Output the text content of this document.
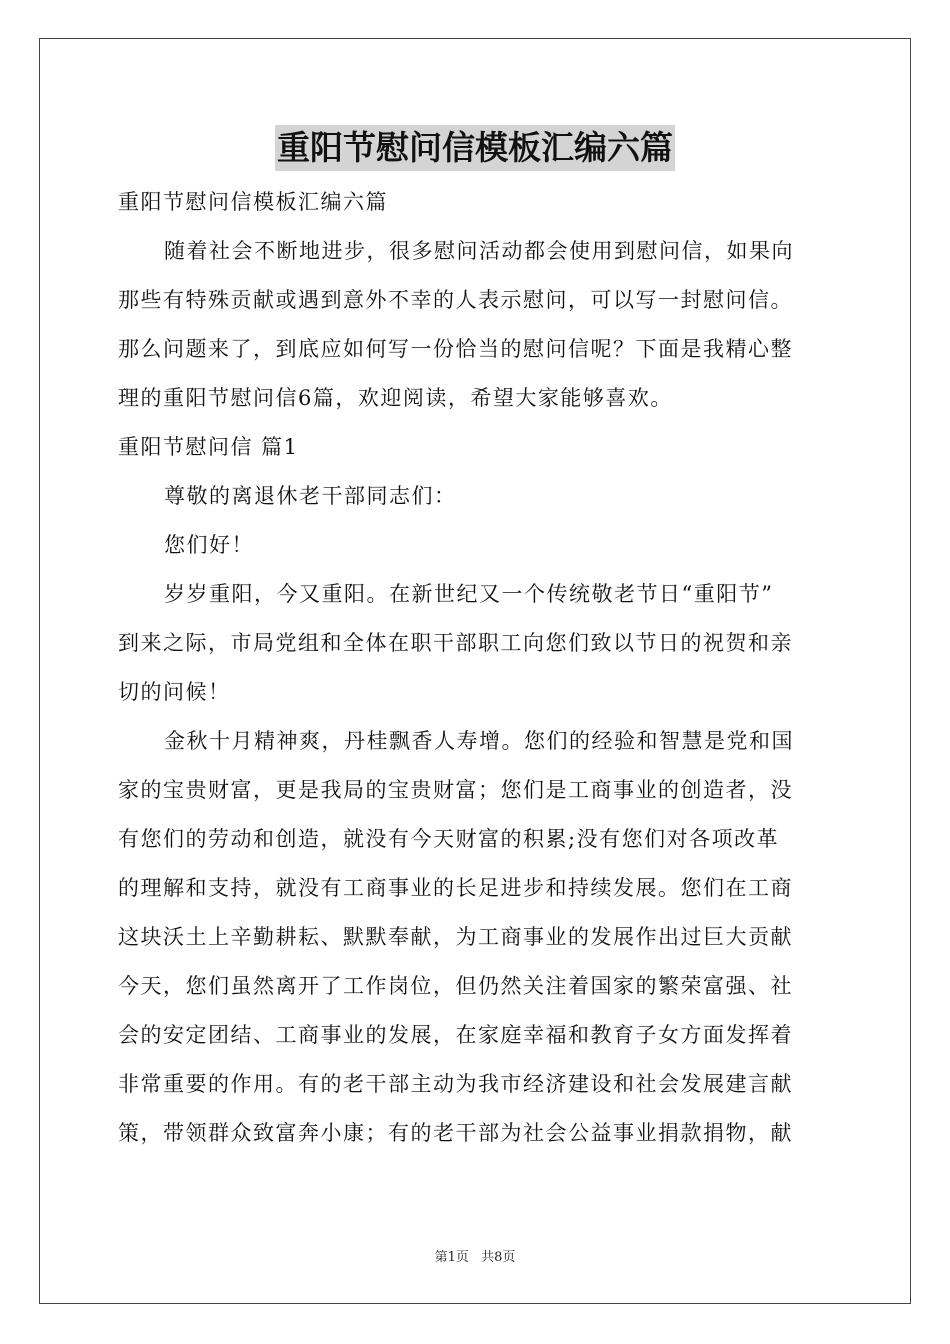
重阳节慰问信模板汇编六篇
重阳节慰问信模板汇编六篇
随着社会不断地进步，很多慰问活动都会使用到慰问信，如果向
那些有特殊贡献或遇到意外不幸的人表示慰问，可以写一封慰问信。
那么问题来了，到底应如何写一份恰当的慰问信呢？下面是我精心整
理的重阳节慰问信6篇，欢迎阅读，希望大家能够喜欢。
重阳节慰问信 篇1
尊敬的离退休老干部同志们：
您们好！
岁岁重阳，今又重阳。在新世纪又一个传统敬老节日“重阳节”
到来之际，市局党组和全体在职干部职工向您们致以节日的祝贺和亲
切的问候！
金秋十月精神爽，丹桂飘香人寿增。您们的经验和智慧是党和国
家的宝贵财富，更是我局的宝贵财富；您们是工商事业的创造者，没
有您们的劳动和创造，就没有今天财富的积累;没有您们对各项改革
的理解和支持，就没有工商事业的长足进步和持续发展。您们在工商
这块沃土上辛勤耕耘、默默奉献，为工商事业的发展作出过巨大贡献
今天，您们虽然离开了工作岗位，但仍然关注着国家的繁荣富强、社
会的安定团结、工商事业的发展，在家庭幸福和教育子女方面发挥着
非常重要的作用。有的老干部主动为我市经济建设和社会发展建言献
策，带领群众致富奔小康；有的老干部为社会公益事业捐款捐物，献
第1页 共8页
